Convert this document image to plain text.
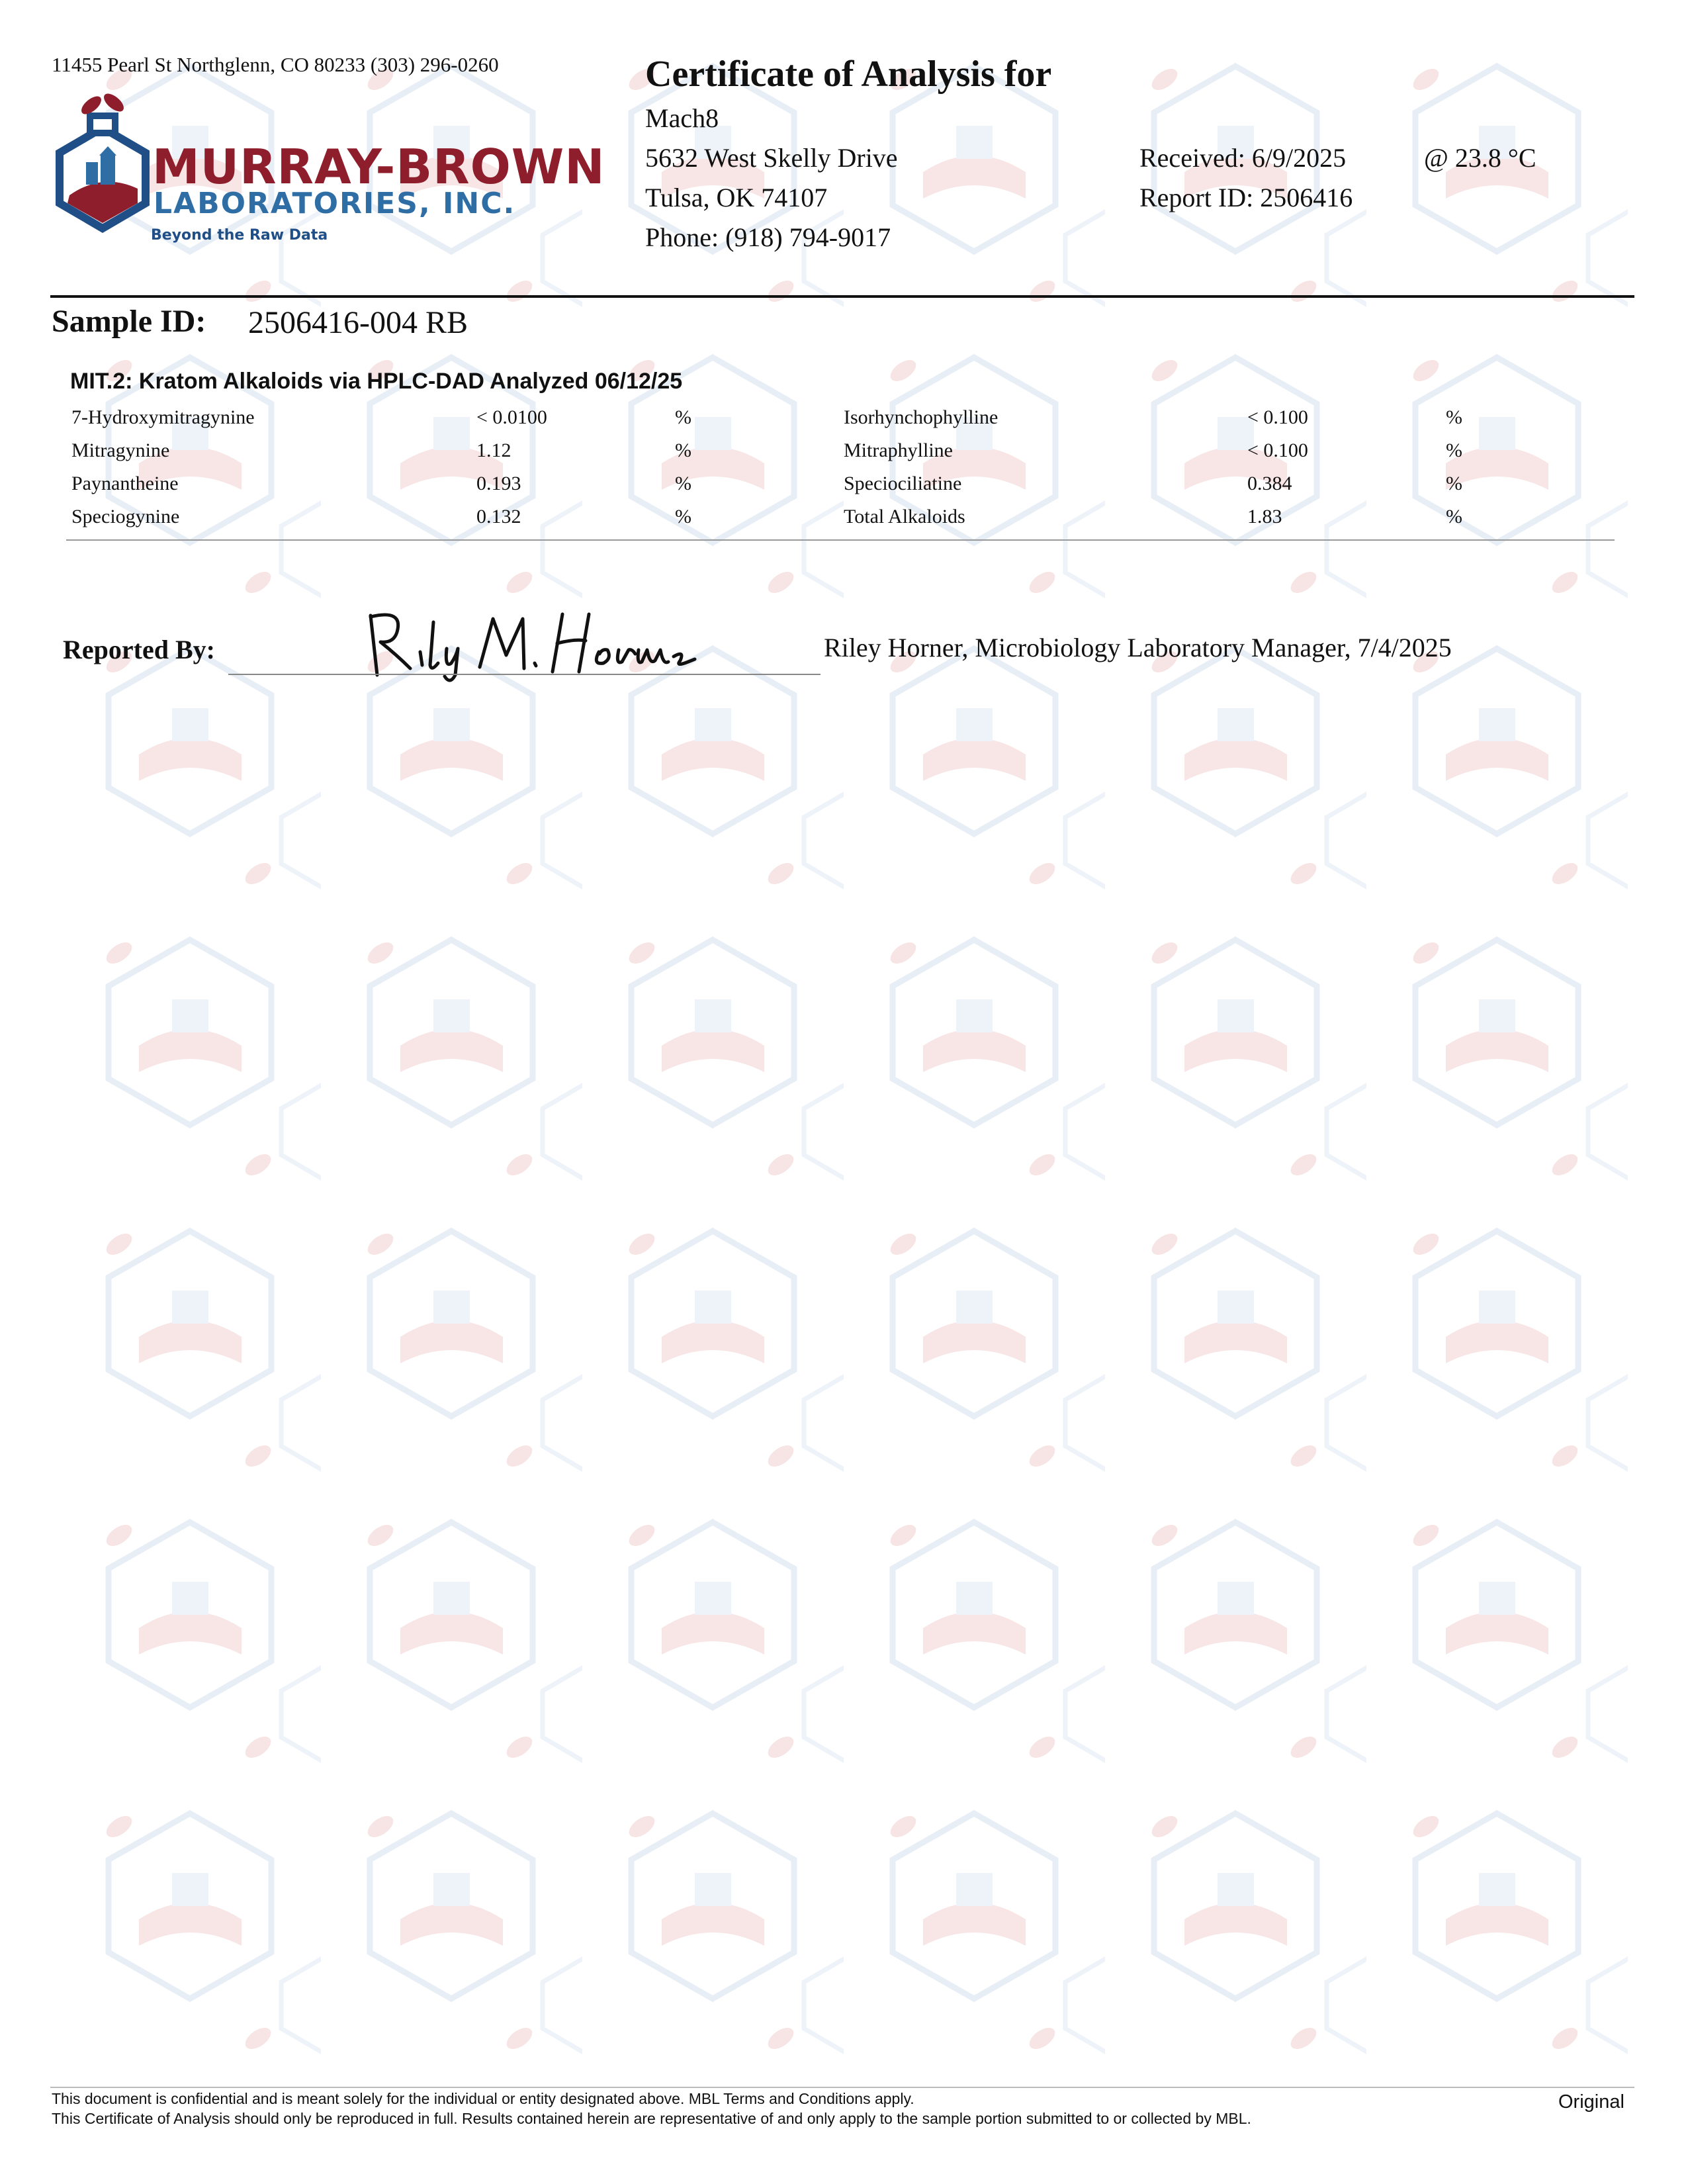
11455 Pearl St Northglenn, CO 80233 (303) 296-0260
MURRAY-BROWN
LABORATORIES, INC.
Beyond the Raw Data
Certificate of Analysis for
Mach8
5632 West Skelly Drive
Tulsa, OK 74107
Phone: (918) 794-9017
Received: 6/9/2025	@ 23.8 °C
Report ID: 2506416
Sample ID: 2506416-004 RB
MIT.2: Kratom Alkaloids via HPLC-DAD Analyzed 06/12/25
7-Hydroxymitragynine	< 0.0100	%	Isorhynchophylline	< 0.100	%
Mitragynine	1.12	%	Mitraphylline	< 0.100	%
Paynantheine	0.193	%	Speciociliatine	0.384	%
Speciogynine	0.132	%	Total Alkaloids	1.83	%
Reported By:	Riley Horner, Microbiology Laboratory Manager, 7/4/2025
This document is confidential and is meant solely for the individual or entity designated above. MBL Terms and Conditions apply.
This Certificate of Analysis should only be reproduced in full. Results contained herein are representative of and only apply to the sample portion submitted to or collected by MBL.
Original
